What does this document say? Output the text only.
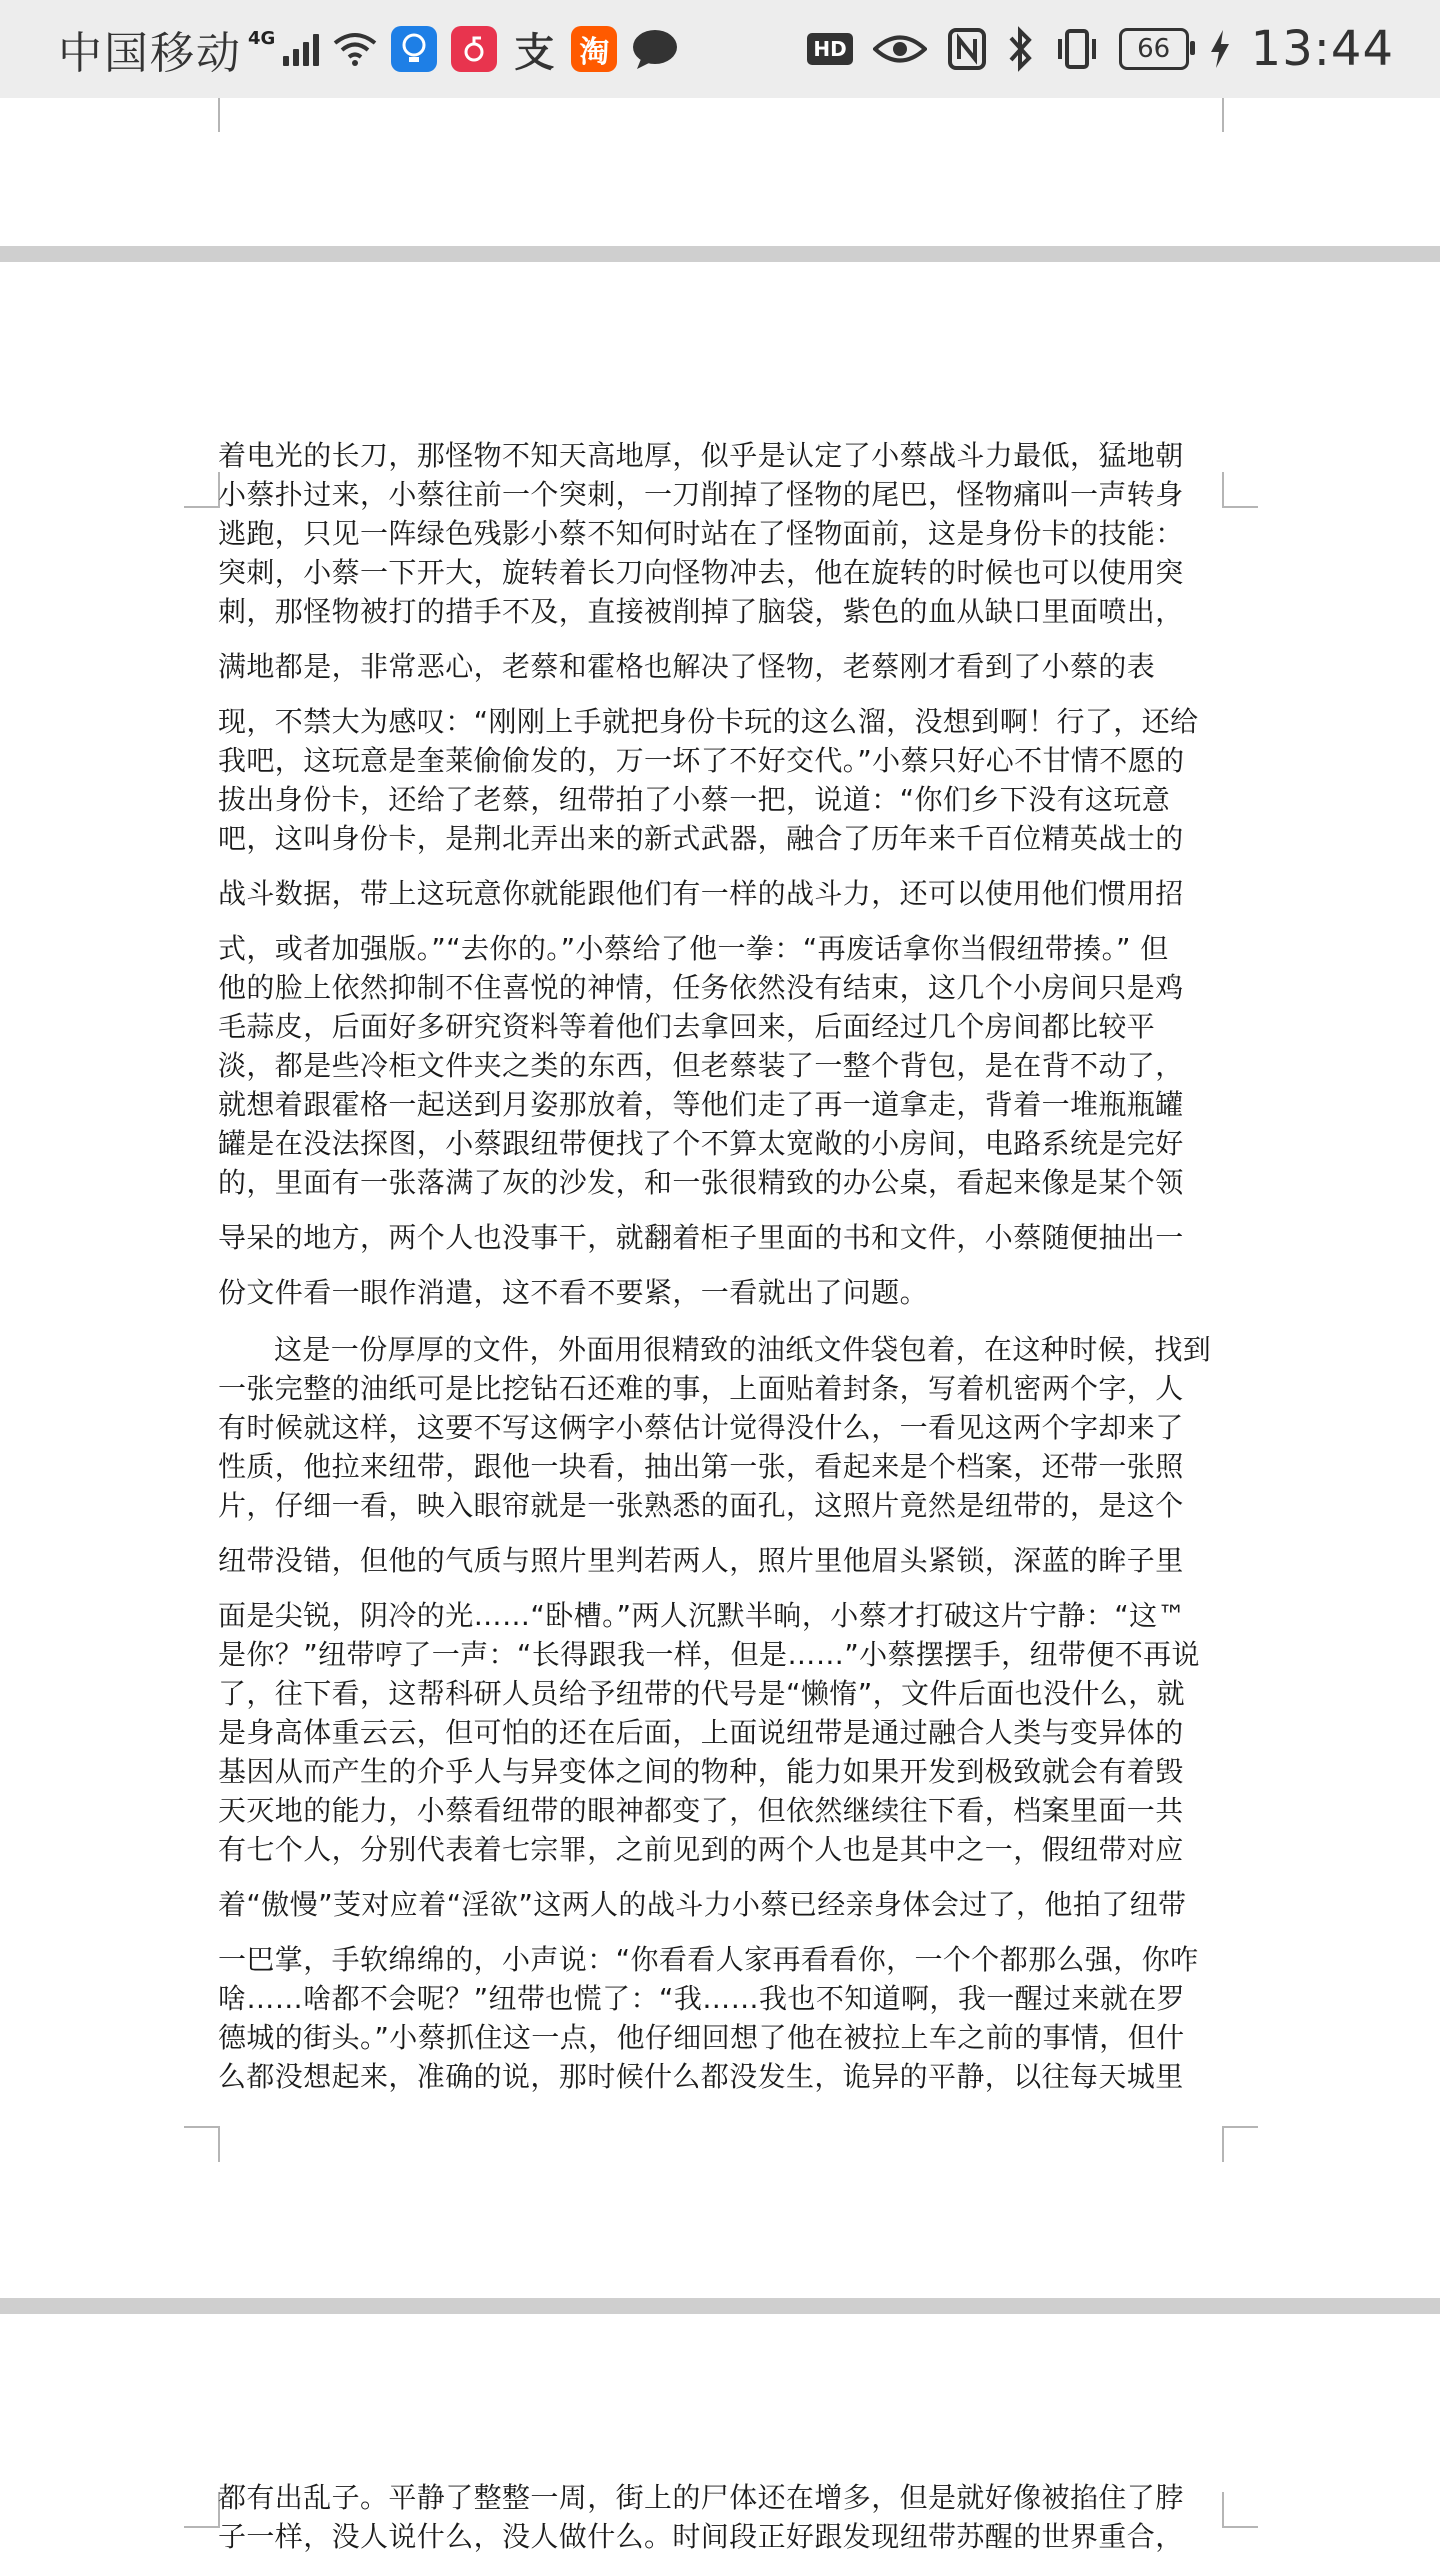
中国移动 4G	支 淘	HD	66	13:44
着电光的长刀，那怪物不知天高地厚，似乎是认定了小蔡战斗力最低，猛地朝
小蔡扑过来，小蔡往前一个突刺，一刀削掉了怪物的尾巴，怪物痛叫一声转身
逃跑，只见一阵绿色残影小蔡不知何时站在了怪物面前，这是身份卡的技能：
突刺，小蔡一下开大，旋转着长刀向怪物冲去，他在旋转的时候也可以使用突
刺，那怪物被打的措手不及，直接被削掉了脑袋，紫色的血从缺口里面喷出，
满地都是，非常恶心，老蔡和霍格也解决了怪物，老蔡刚才看到了小蔡的表
现，不禁大为感叹：“刚刚上手就把身份卡玩的这么溜，没想到啊！行了，还给
我吧，这玩意是奎莱偷偷发的，万一坏了不好交代。”小蔡只好心不甘情不愿的
拔出身份卡，还给了老蔡，纽带拍了小蔡一把，说道：“你们乡下没有这玩意
吧，这叫身份卡，是荆北弄出来的新式武器，融合了历年来千百位精英战士的
战斗数据，带上这玩意你就能跟他们有一样的战斗力，还可以使用他们惯用招
式，或者加强版。”“去你的。”小蔡给了他一拳：“再废话拿你当假纽带揍。” 但
他的脸上依然抑制不住喜悦的神情，任务依然没有结束，这几个小房间只是鸡
毛蒜皮，后面好多研究资料等着他们去拿回来，后面经过几个房间都比较平
淡，都是些冷柜文件夹之类的东西，但老蔡装了一整个背包，是在背不动了，
就想着跟霍格一起送到月姿那放着，等他们走了再一道拿走，背着一堆瓶瓶罐
罐是在没法探图，小蔡跟纽带便找了个不算太宽敞的小房间，电路系统是完好
的，里面有一张落满了灰的沙发，和一张很精致的办公桌，看起来像是某个领
导呆的地方，两个人也没事干，就翻着柜子里面的书和文件，小蔡随便抽出一
份文件看一眼作消遣，这不看不要紧，一看就出了问题。
这是一份厚厚的文件，外面用很精致的油纸文件袋包着，在这种时候，找到
一张完整的油纸可是比挖钻石还难的事，上面贴着封条，写着机密两个字，人
有时候就这样，这要不写这俩字小蔡估计觉得没什么，一看见这两个字却来了
性质，他拉来纽带，跟他一块看，抽出第一张，看起来是个档案，还带一张照
片，仔细一看，映入眼帘就是一张熟悉的面孔，这照片竟然是纽带的，是这个
纽带没错，但他的气质与照片里判若两人，照片里他眉头紧锁，深蓝的眸子里
面是尖锐，阴冷的光……“卧槽。”两人沉默半晌，小蔡才打破这片宁静：“这™
是你？”纽带哼了一声：“长得跟我一样，但是……”小蔡摆摆手，纽带便不再说
了，往下看，这帮科研人员给予纽带的代号是“懒惰”，文件后面也没什么，就
是身高体重云云，但可怕的还在后面，上面说纽带是通过融合人类与变异体的
基因从而产生的介乎人与异变体之间的物种，能力如果开发到极致就会有着毁
天灭地的能力，小蔡看纽带的眼神都变了，但依然继续往下看，档案里面一共
有七个人，分别代表着七宗罪，之前见到的两个人也是其中之一，假纽带对应
着“傲慢”芰对应着“淫欲”这两人的战斗力小蔡已经亲身体会过了，他拍了纽带
一巴掌，手软绵绵的，小声说：“你看看人家再看看你，一个个都那么强，你咋
啥……啥都不会呢？”纽带也慌了：“我……我也不知道啊，我一醒过来就在罗
德城的街头。”小蔡抓住这一点，他仔细回想了他在被拉上车之前的事情，但什
么都没想起来，准确的说，那时候什么都没发生，诡异的平静，以往每天城里
都有出乱子。平静了整整一周，街上的尸体还在增多，但是就好像被掐住了脖
子一样，没人说什么，没人做什么。时间段正好跟发现纽带苏醒的世界重合，
